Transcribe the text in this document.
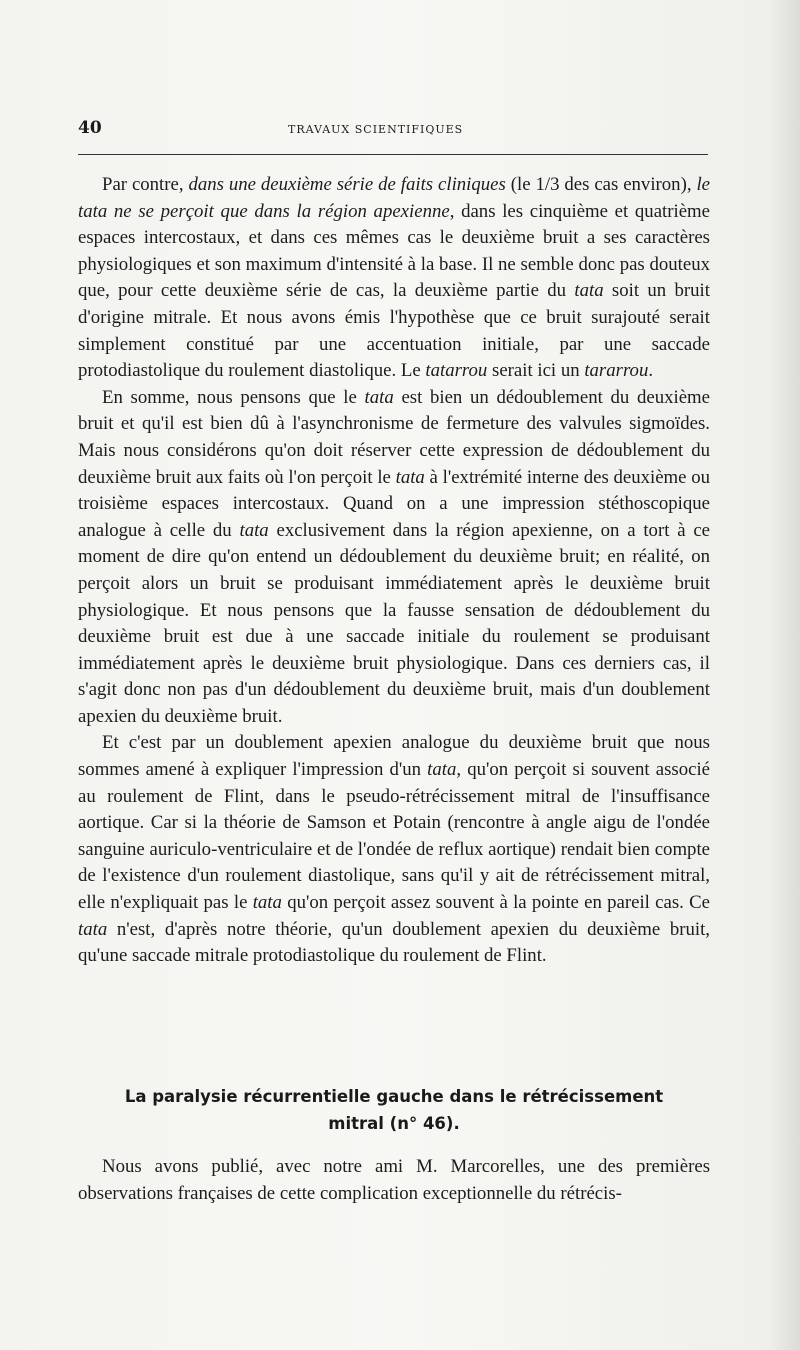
40	TRAVAUX SCIENTIFIQUES

Par contre, dans une deuxième série de faits cliniques (le 1/3 des cas environ), le tata ne se perçoit que dans la région apexienne, dans les cinquième et quatrième espaces intercostaux, et dans ces mêmes cas le deuxième bruit a ses caractères physiologiques et son maximum d'intensité à la base. Il ne semble donc pas douteux que, pour cette deuxième série de cas, la deuxième partie du tata soit un bruit d'origine mitrale. Et nous avons émis l'hypothèse que ce bruit surajouté serait simplement constitué par une accentuation initiale, par une saccade protodiastolique du roulement diastolique. Le tatarrou serait ici un tararrou.

En somme, nous pensons que le tata est bien un dédoublement du deuxième bruit et qu'il est bien dû à l'asynchronisme de fermeture des valvules sigmoïdes. Mais nous considérons qu'on doit réserver cette expression de dédoublement du deuxième bruit aux faits où l'on perçoit le tata à l'extrémité interne des deuxième ou troisième espaces intercostaux. Quand on a une impression stéthoscopique analogue à celle du tata exclusivement dans la région apexienne, on a tort à ce moment de dire qu'on entend un dédoublement du deuxième bruit; en réalité, on perçoit alors un bruit se produisant immédiatement après le deuxième bruit physiologique. Et nous pensons que la fausse sensation de dédoublement du deuxième bruit est due à une saccade initiale du roulement se produisant immédiatement après le deuxième bruit physiologique. Dans ces derniers cas, il s'agit donc non pas d'un dédoublement du deuxième bruit, mais d'un doublement apexien du deuxième bruit.

Et c'est par un doublement apexien analogue du deuxième bruit que nous sommes amené à expliquer l'impression d'un tata, qu'on perçoit si souvent associé au roulement de Flint, dans le pseudo-rétrécissement mitral de l'insuffisance aortique. Car si la théorie de Samson et Potain (rencontre à angle aigu de l'ondée sanguine auriculo-ventriculaire et de l'ondée de reflux aortique) rendait bien compte de l'existence d'un roulement diastolique, sans qu'il y ait de rétrécissement mitral, elle n'expliquait pas le tata qu'on perçoit assez souvent à la pointe en pareil cas. Ce tata n'est, d'après notre théorie, qu'un doublement apexien du deuxième bruit, qu'une saccade mitrale protodiastolique du roulement de Flint.

La paralysie récurrentielle gauche dans le rétrécissement
mitral (n° 46).

Nous avons publié, avec notre ami M. Marcorelles, une des premières observations françaises de cette complication exceptionnelle du rétrécis-
